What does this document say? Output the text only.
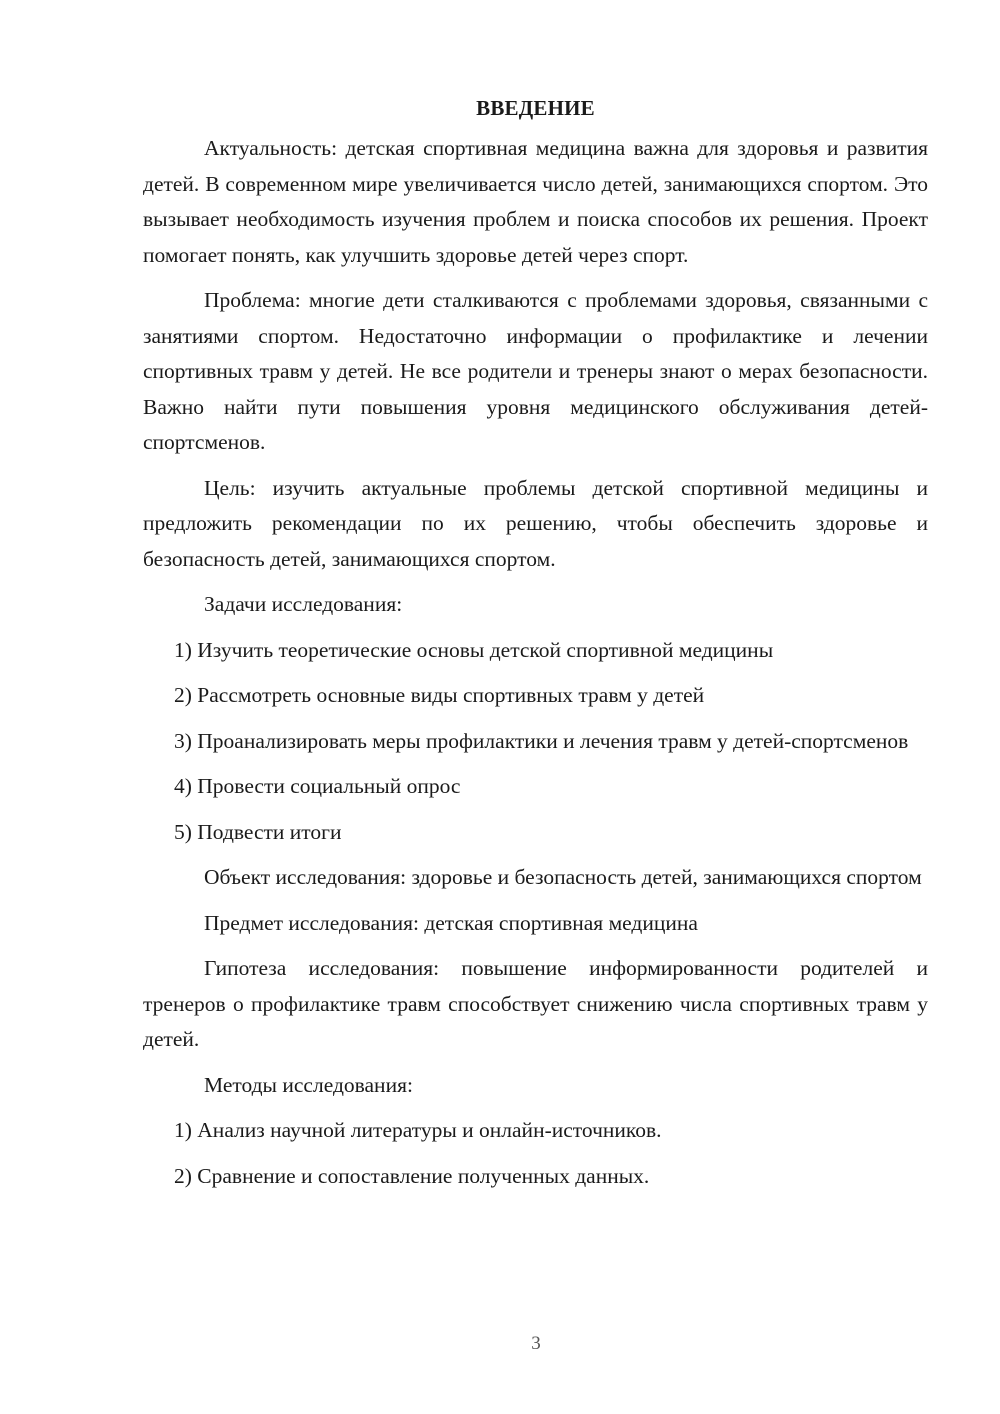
ВВЕДЕНИЕ

Актуальность: детская спортивная медицина важна для здоровья и развития детей. В современном мире увеличивается число детей, занимающихся спортом. Это вызывает необходимость изучения проблем и поиска способов их решения. Проект помогает понять, как улучшить здоровье детей через спорт.

Проблема: многие дети сталкиваются с проблемами здоровья, связанными с занятиями спортом. Недостаточно информации о профилактике и лечении спортивных травм у детей. Не все родители и тренеры знают о мерах безопасности. Важно найти пути повышения уровня медицинского обслуживания детей-спортсменов.

Цель: изучить актуальные проблемы детской спортивной медицины и предложить рекомендации по их решению, чтобы обеспечить здоровье и безопасность детей, занимающихся спортом.

Задачи исследования:

1) Изучить теоретические основы детской спортивной медицины

2) Рассмотреть основные виды спортивных травм у детей

3) Проанализировать меры профилактики и лечения травм у детей-спортсменов

4) Провести социальный опрос

5) Подвести итоги

Объект исследования: здоровье и безопасность детей, занимающихся спортом

Предмет исследования: детская спортивная медицина

Гипотеза исследования: повышение информированности родителей и тренеров о профилактике травм способствует снижению числа спортивных травм у детей.

Методы исследования:

1) Анализ научной литературы и онлайн-источников.

2) Сравнение и сопоставление полученных данных.

3
